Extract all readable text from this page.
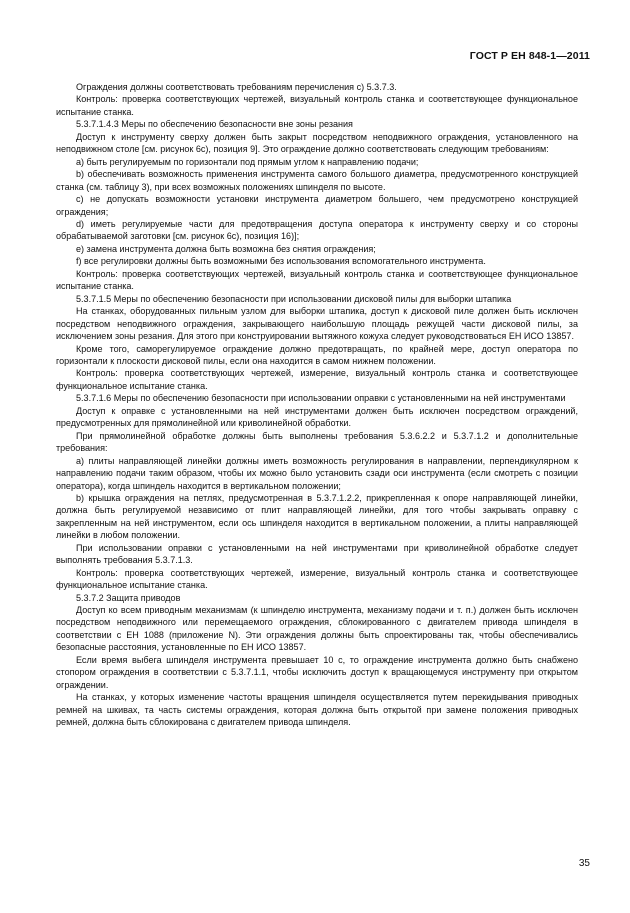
ГОСТ Р ЕН 848-1—2011

Ограждения должны соответствовать требованиям перечисления с) 5.3.7.3.

Контроль: проверка соответствующих чертежей, визуальный контроль станка и соответствующее функциональное испытание станка.

5.3.7.1.4.3 Меры по обеспечению безопасности вне зоны резания

Доступ к инструменту сверху должен быть закрыт посредством неподвижного ограждения, установленного на неподвижном столе [см. рисунок 6с), позиция 9]. Это ограждение должно соответствовать следующим требованиям:

a) быть регулируемым по горизонтали под прямым углом к направлению подачи;

b) обеспечивать возможность применения инструмента самого большого диаметра, предусмотренного конструкцией станка (см. таблицу 3), при всех возможных положениях шпинделя по высоте.

c) не допускать возможности установки инструмента диаметром большего, чем предусмотрено конструкцией ограждения;

d) иметь регулируемые части для предотвращения доступа оператора к инструменту сверху и со стороны обрабатываемой заготовки [см. рисунок 6с), позиция 16)];

e) замена инструмента должна быть возможна без снятия ограждения;

f) все регулировки должны быть возможными без использования вспомогательного инструмента.

Контроль: проверка соответствующих чертежей, визуальный контроль станка и соответствующее функциональное испытание станка.

5.3.7.1.5 Меры по обеспечению безопасности при использовании дисковой пилы для выборки штапика

На станках, оборудованных пильным узлом для выборки штапика, доступ к дисковой пиле должен быть исключен посредством неподвижного ограждения, закрывающего наибольшую площадь режущей части дисковой пилы, за исключением зоны резания. Для этого при конструировании вытяжного кожуха следует руководствоваться ЕН ИСО 13857.

Кроме того, саморегулируемое ограждение должно предотвращать, по крайней мере, доступ оператора по горизонтали к плоскости дисковой пилы, если она находится в самом нижнем положении.

Контроль: проверка соответствующих чертежей, измерение, визуальный контроль станка и соответствующее функциональное испытание станка.

5.3.7.1.6 Меры по обеспечению безопасности при использовании оправки с установленными на ней инструментами

Доступ к оправке с установленными на ней инструментами должен быть исключен посредством ограждений, предусмотренных для прямолинейной или криволинейной обработки.

При прямолинейной обработке должны быть выполнены требования 5.3.6.2.2 и 5.3.7.1.2 и дополнительные требования:

a) плиты направляющей линейки должны иметь возможность регулирования в направлении, перпендикулярном к направлению подачи таким образом, чтобы их можно было установить сзади оси инструмента (если смотреть с позиции оператора), когда шпиндель находится в вертикальном положении;

b) крышка ограждения на петлях, предусмотренная в 5.3.7.1.2.2, прикрепленная к опоре направляющей линейки, должна быть регулируемой независимо от плит направляющей линейки, для того чтобы закрывать оправку с закрепленным на ней инструментом, если ось шпинделя находится в вертикальном положении, а плиты направляющей линейки в любом положении.

При использовании оправки с установленными на ней инструментами при криволинейной обработке следует выполнять требования 5.3.7.1.3.

Контроль: проверка соответствующих чертежей, измерение, визуальный контроль станка и соответствующее функциональное испытание станка.

5.3.7.2 Защита приводов

Доступ ко всем приводным механизмам (к шпинделю инструмента, механизму подачи и т. п.) должен быть исключен посредством неподвижного или перемещаемого ограждения, сблокированного с двигателем привода шпинделя в соответствии с ЕН 1088 (приложение N). Эти ограждения должны быть спроектированы так, чтобы обеспечивались безопасные расстояния, установленные по ЕН ИСО 13857.

Если время выбега шпинделя инструмента превышает 10 с, то ограждение инструмента должно быть снабжено стопором ограждения в соответствии с 5.3.7.1.1, чтобы исключить доступ к вращающемуся инструменту при открытом ограждении.

На станках, у которых изменение частоты вращения шпинделя осуществляется путем перекидывания приводных ремней на шкивах, та часть системы ограждения, которая должна быть открытой при замене положения приводных ремней, должна быть сблокирована с двигателем привода шпинделя.

35
